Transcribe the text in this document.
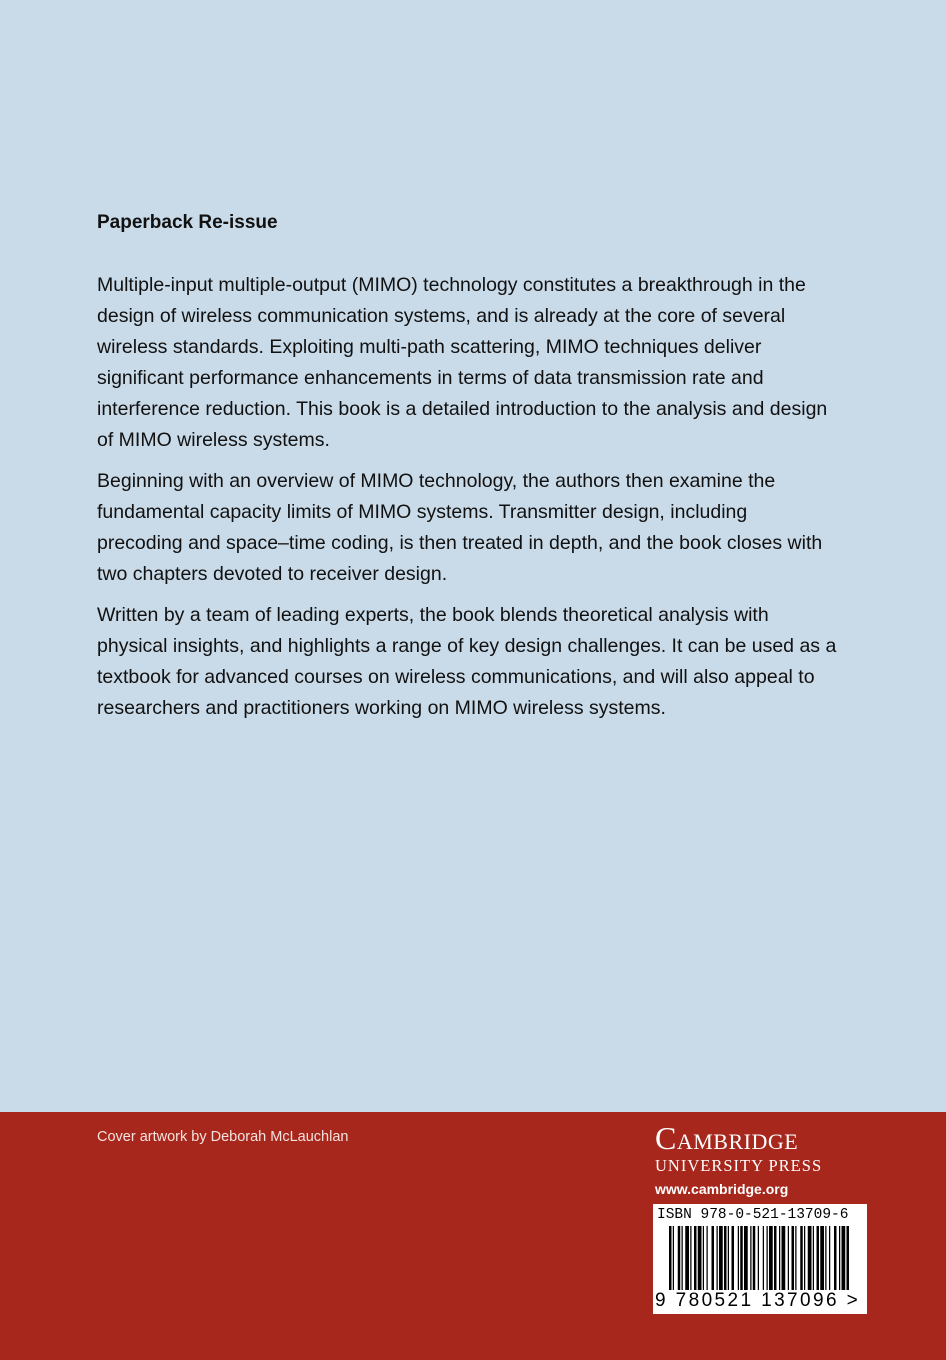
Paperback Re-issue

Multiple-input multiple-output (MIMO) technology constitutes a breakthrough in the design of wireless communication systems, and is already at the core of several wireless standards. Exploiting multi-path scattering, MIMO techniques deliver significant performance enhancements in terms of data transmission rate and interference reduction. This book is a detailed introduction to the analysis and design of MIMO wireless systems.

Beginning with an overview of MIMO technology, the authors then examine the fundamental capacity limits of MIMO systems. Transmitter design, including precoding and space–time coding, is then treated in depth, and the book closes with two chapters devoted to receiver design.

Written by a team of leading experts, the book blends theoretical analysis with physical insights, and highlights a range of key design challenges. It can be used as a textbook for advanced courses on wireless communications, and will also appeal to researchers and practitioners working on MIMO wireless systems.

Cover artwork by Deborah McLauchlan	cambridge
UNIVERSITY PRESS
www.cambridge.org
ISBN 978-0-521-13709-6
9 780521 137096 >
